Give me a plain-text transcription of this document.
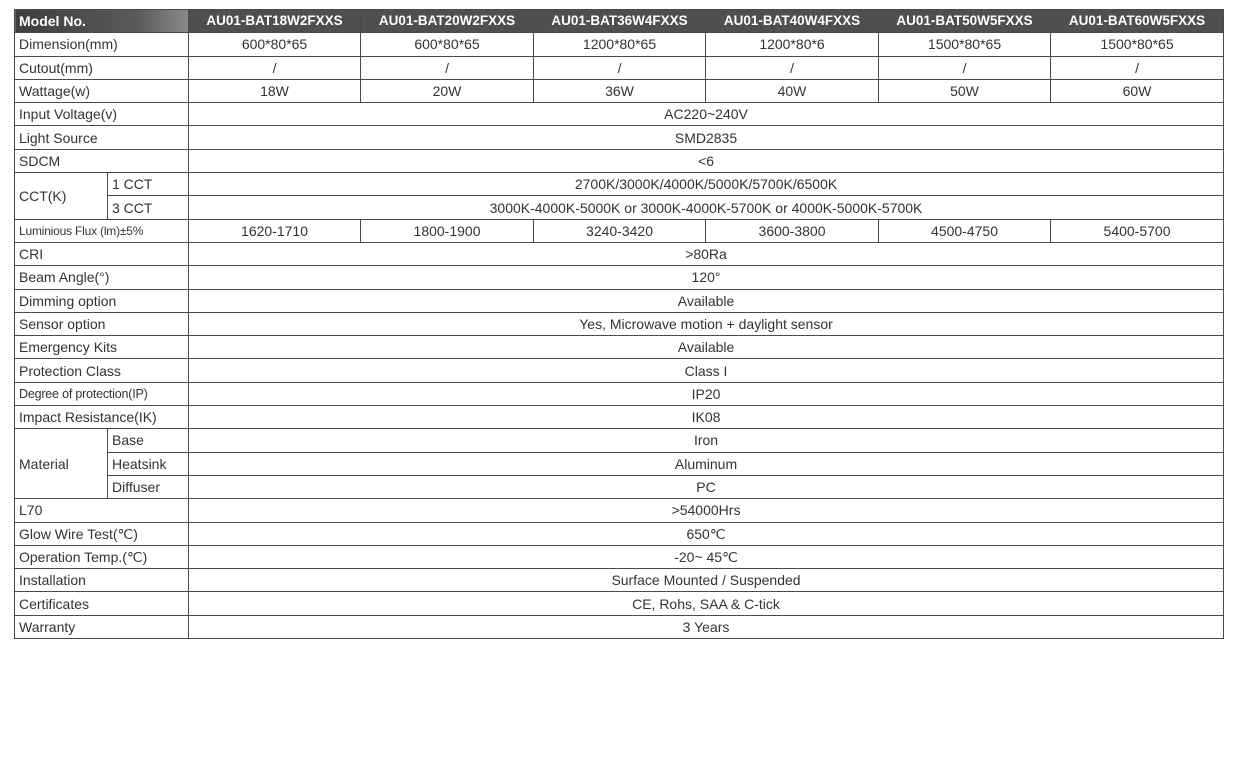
Model No.		AU01-BAT18W2FXXS	AU01-BAT20W2FXXS	AU01-BAT36W4FXXS	AU01-BAT40W4FXXS	AU01-BAT50W5FXXS	AU01-BAT60W5FXXS
Dimension(mm)		600*80*65	600*80*65	1200*80*65	1200*80*6	1500*80*65	1500*80*65
Cutout(mm)		/	/	/	/	/	/
Wattage(w)		18W	20W	36W	40W	50W	60W
Input Voltage(v)		AC220~240V					
Light Source		SMD2835					
SDCM		<6					
CCT(K)	1 CCT	2700K/3000K/4000K/5000K/5700K/6500K					
	3 CCT	3000K-4000K-5000K or 3000K-4000K-5700K or 4000K-5000K-5700K					
Luminious Flux (lm)±5%		1620-1710	1800-1900	3240-3420	3600-3800	4500-4750	5400-5700
CRI		>80Ra					
Beam Angle(°)		120°					
Dimming option		Available					
Sensor option		Yes, Microwave motion + daylight sensor					
Emergency Kits		Available					
Protection Class		Class I					
Degree of protection(IP)		IP20					
Impact Resistance(IK)		IK08					
Material	Base	Iron					
	Heatsink	Aluminum					
	Diffuser	PC					
L70		>54000Hrs					
Glow Wire Test(℃)		650℃					
Operation Temp.(℃)		-20~ 45℃					
Installation		Surface Mounted / Suspended					
Certificates		CE, Rohs, SAA & C-tick					
Warranty		3 Years					
